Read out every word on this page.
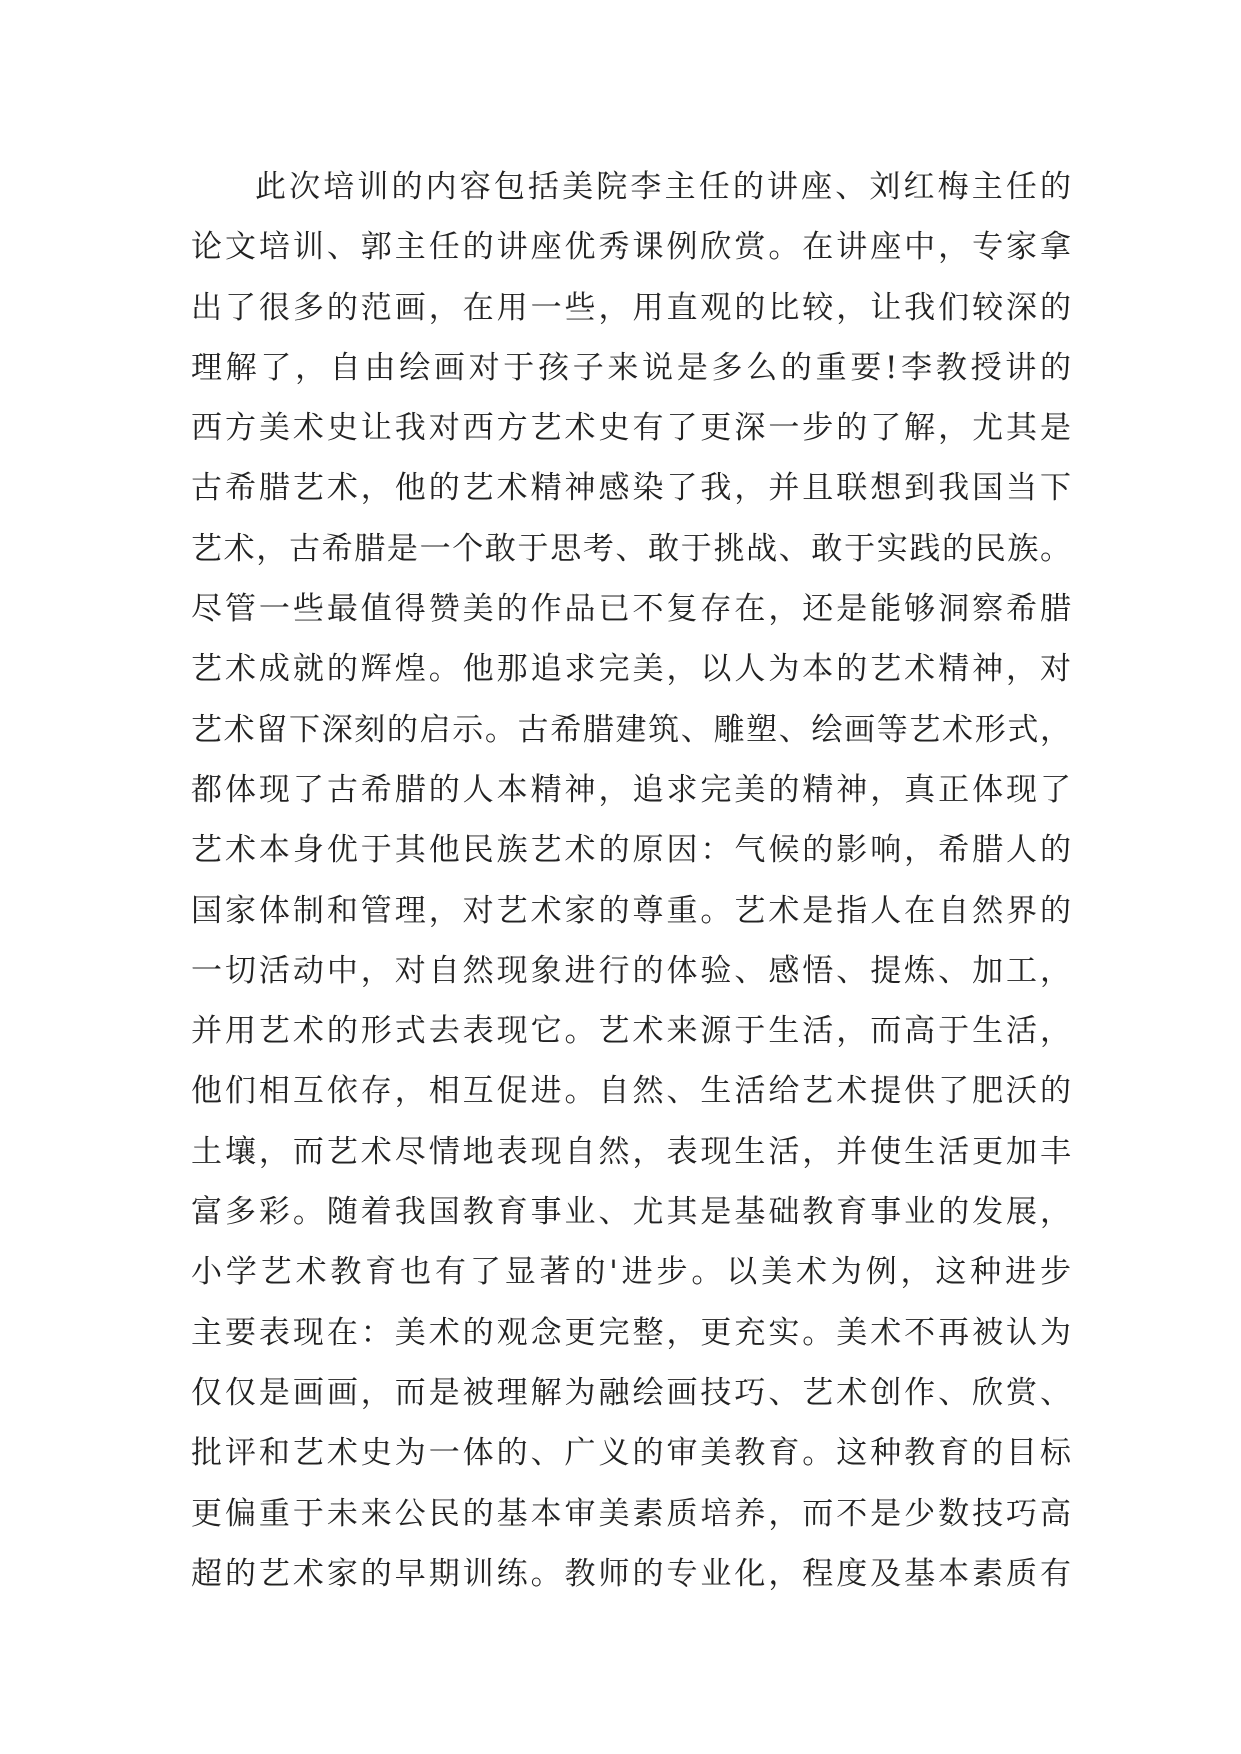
此次培训的内容包括美院李主任的讲座、刘红梅主任的
论文培训、郭主任的讲座优秀课例欣赏。在讲座中，专家拿
出了很多的范画，在用一些，用直观的比较，让我们较深的
理解了，自由绘画对于孩子来说是多么的重要!李教授讲的
西方美术史让我对西方艺术史有了更深一步的了解，尤其是
古希腊艺术，他的艺术精神感染了我，并且联想到我国当下
艺术，古希腊是一个敢于思考、敢于挑战、敢于实践的民族。
尽管一些最值得赞美的作品已不复存在，还是能够洞察希腊
艺术成就的辉煌。他那追求完美，以人为本的艺术精神，对
艺术留下深刻的启示。古希腊建筑、雕塑、绘画等艺术形式，
都体现了古希腊的人本精神，追求完美的精神，真正体现了
艺术本身优于其他民族艺术的原因：气候的影响，希腊人的
国家体制和管理，对艺术家的尊重。艺术是指人在自然界的
一切活动中，对自然现象进行的体验、感悟、提炼、加工，
并用艺术的形式去表现它。艺术来源于生活，而高于生活，
他们相互依存，相互促进。自然、生活给艺术提供了肥沃的
土壤，而艺术尽情地表现自然，表现生活，并使生活更加丰
富多彩。随着我国教育事业、尤其是基础教育事业的发展，
小学艺术教育也有了显著的'进步。以美术为例，这种进步
主要表现在：美术的观念更完整，更充实。美术不再被认为
仅仅是画画，而是被理解为融绘画技巧、艺术创作、欣赏、
批评和艺术史为一体的、广义的审美教育。这种教育的目标
更偏重于未来公民的基本审美素质培养，而不是少数技巧高
超的艺术家的早期训练。教师的专业化，程度及基本素质有
